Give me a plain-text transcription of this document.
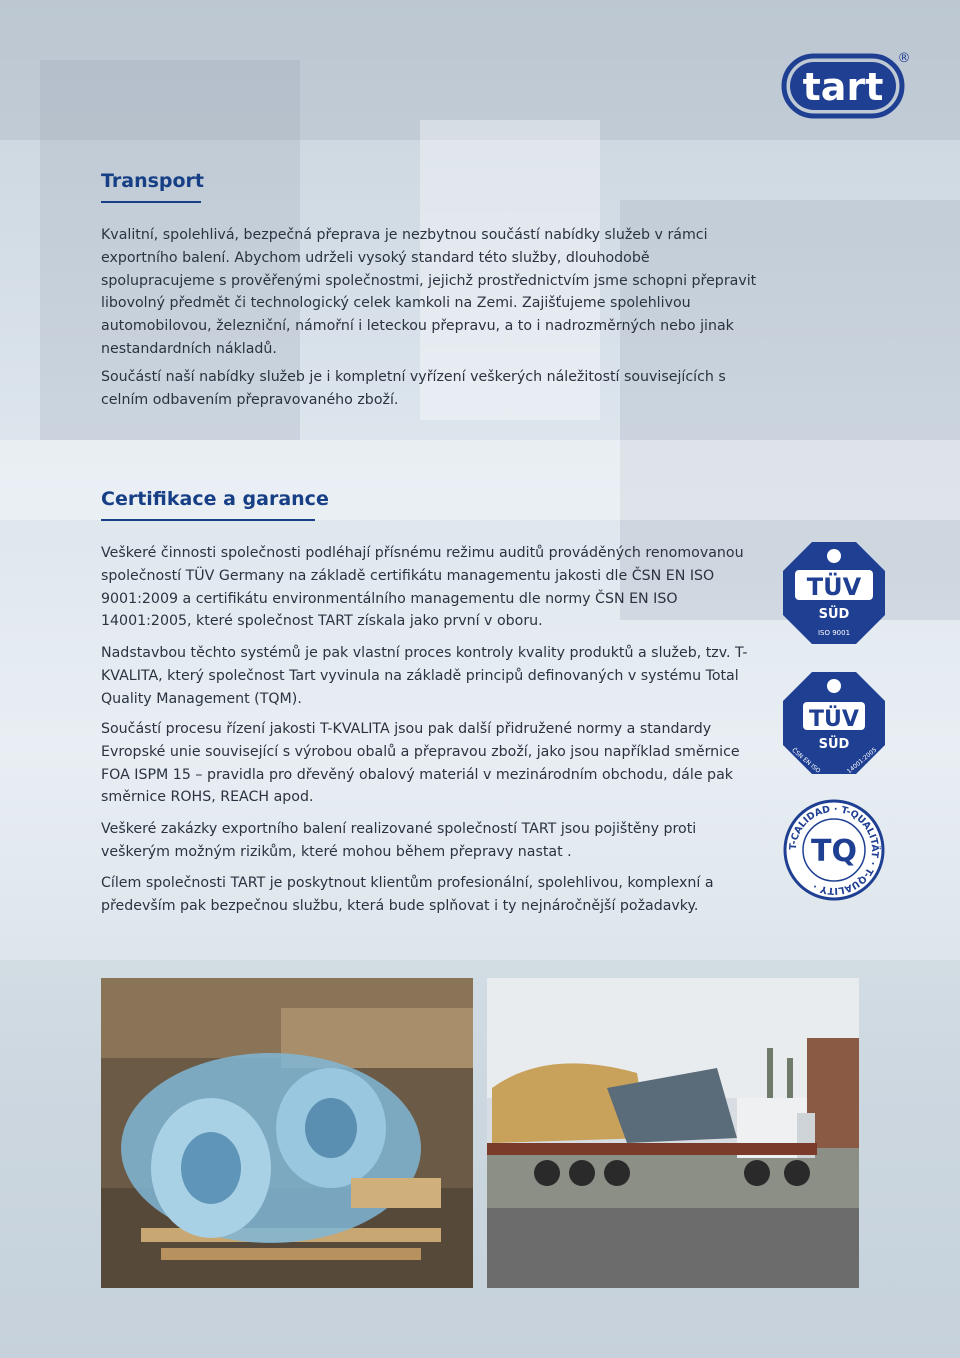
tart
®
Transport

Kvalitní, spolehlivá, bezpečná přeprava je nezbytnou součástí nabídky služeb v rámci exportního balení. Abychom udrželi vysoký standard této služby, dlouhodobě spolupracujeme s prověřenými společnostmi, jejichž prostřednictvím jsme schopni přepravit libovolný předmět či technologický celek kamkoli na Zemi. Zajišťujeme spolehlivou automobilovou, železniční, námořní i leteckou přepravu, a to i nadrozměrných nebo jinak nestandardních nákladů.

Součástí naší nabídky služeb je i kompletní vyřízení veškerých náležitostí souvisejících s celním odbavením přepravovaného zboží.

Certifikace a garance

Veškeré činnosti společnosti podléhají přísnému režimu auditů prováděných renomovanou společností TÜV Germany na základě certifikátu managementu jakosti dle ČSN EN ISO 9001:2009 a certifikátu environmentálního managementu dle normy ČSN EN ISO 14001:2005, které společnost TART získala jako první v oboru.

Nadstavbou těchto systémů je pak vlastní proces kontroly kvality produktů a služeb, tzv. T-KVALITA, který společnost Tart vyvinula na základě principů definovaných v systému Total Quality Management (TQM).

Součástí procesu řízení jakosti T-KVALITA jsou pak další přidružené normy a standardy Evropské unie související s výrobou obalů a přepravou zboží, jako jsou například směrnice FOA ISPM 15 – pravidla pro dřevěný obalový materiál v mezinárodním obchodu, dále pak směrnice ROHS, REACH apod.

Veškeré zakázky exportního balení realizované společností TART jsou pojištěny proti veškerým možným rizikům, které mohou během přepravy nastat .

Cílem společnosti TART je poskytnout klientům profesionální, spolehlivou, komplexní a především pak bezpečnou službu, která bude splňovat i ty nejnáročnější požadavky.

TÜV
SÜD
ISO 9001
TÜV
SÜD
ČSN EN ISO	14001:2005
T-CALIDAD · T-QUALITÄT · T-QUALITY ·
TQ
